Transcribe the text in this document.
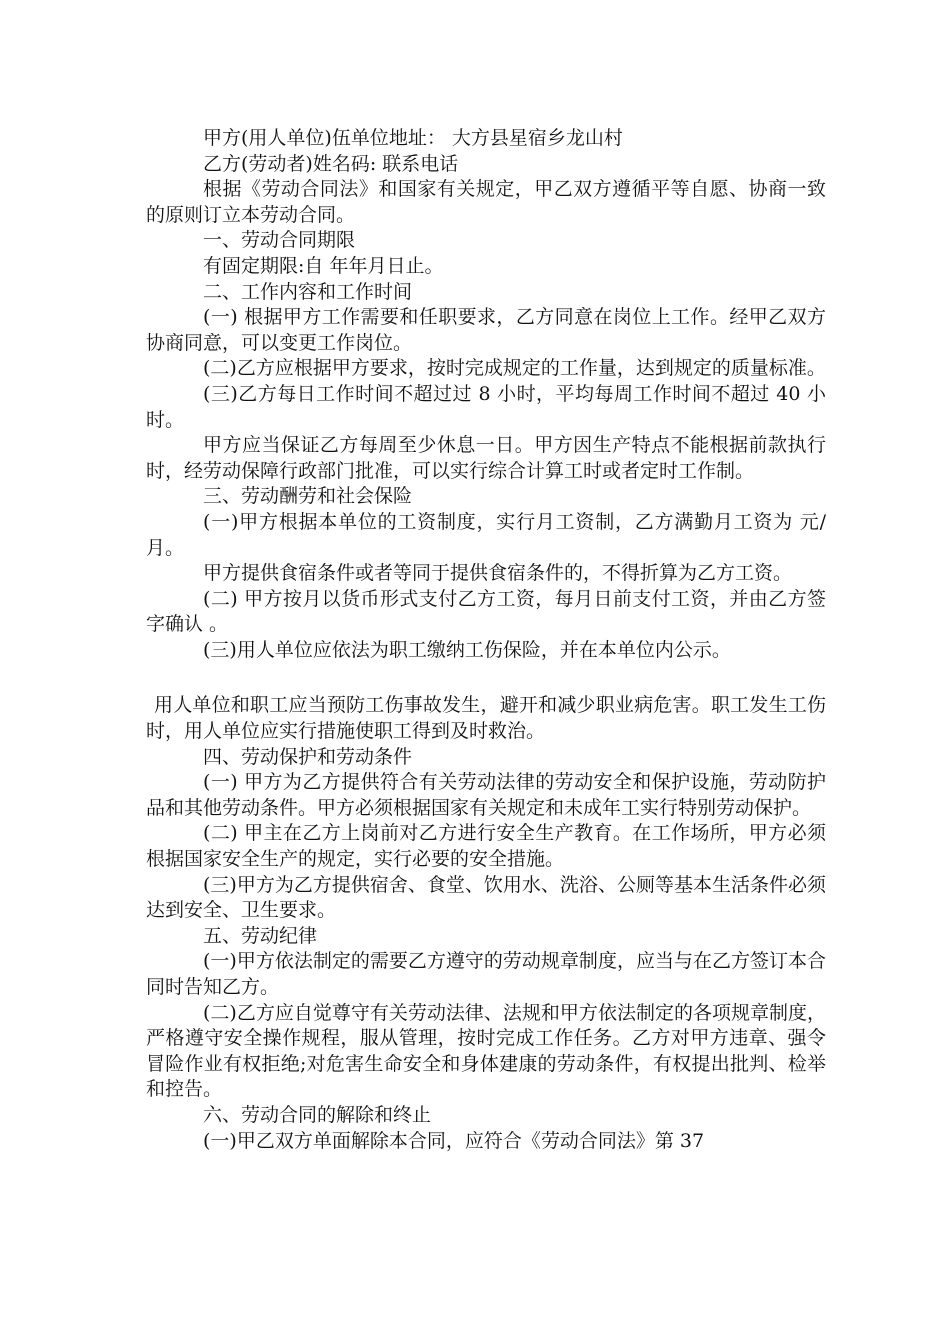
甲方(用人单位)伍单位地址： 大方县星宿乡龙山村

乙方(劳动者)姓名码: 联系电话

根据《劳动合同法》和国家有关规定，甲乙双方遵循平等自愿、协商一致的原则订立本劳动合同。

一、劳动合同期限

有固定期限:自 年年月日止。

二、工作内容和工作时间

(一) 根据甲方工作需要和任职要求，乙方同意在岗位上工作。经甲乙双方协商同意，可以变更工作岗位。

(二)乙方应根据甲方要求，按时完成规定的工作量，达到规定的质量标准。

(三)乙方每日工作时间不超过过 8 小时，平均每周工作时间不超过 40 小时。

甲方应当保证乙方每周至少休息一日。甲方因生产特点不能根据前款执行时，经劳动保障行政部门批准，可以实行综合计算工时或者定时工作制。

三、劳动酬劳和社会保险

(一)甲方根据本单位的工资制度，实行月工资制，乙方满勤月工资为 元/月。

甲方提供食宿条件或者等同于提供食宿条件的，不得折算为乙方工资。

(二) 甲方按月以货币形式支付乙方工资，每月日前支付工资，并由乙方签字确认 。

(三)用人单位应依法为职工缴纳工伤保险，并在本单位内公示。

用人单位和职工应当预防工伤事故发生，避开和减少职业病危害。职工发生工伤时，用人单位应实行措施使职工得到及时救治。

四、劳动保护和劳动条件

(一) 甲方为乙方提供符合有关劳动法律的劳动安全和保护设施，劳动防护品和其他劳动条件。甲方必须根据国家有关规定和未成年工实行特别劳动保护。

(二) 甲主在乙方上岗前对乙方进行安全生产教育。在工作场所，甲方必须根据国家安全生产的规定，实行必要的安全措施。

(三)甲方为乙方提供宿舍、食堂、饮用水、洗浴、公厕等基本生活条件必须达到安全、卫生要求。

五、劳动纪律

(一)甲方依法制定的需要乙方遵守的劳动规章制度，应当与在乙方签订本合同时告知乙方。

(二)乙方应自觉尊守有关劳动法律、法规和甲方依法制定的各项规章制度，严格遵守安全操作规程，服从管理，按时完成工作任务。乙方对甲方违章、强令冒险作业有权拒绝;对危害生命安全和身体建康的劳动条件，有权提出批判、检举和控告。

六、劳动合同的解除和终止

(一)甲乙双方单面解除本合同，应符合《劳动合同法》第 37
